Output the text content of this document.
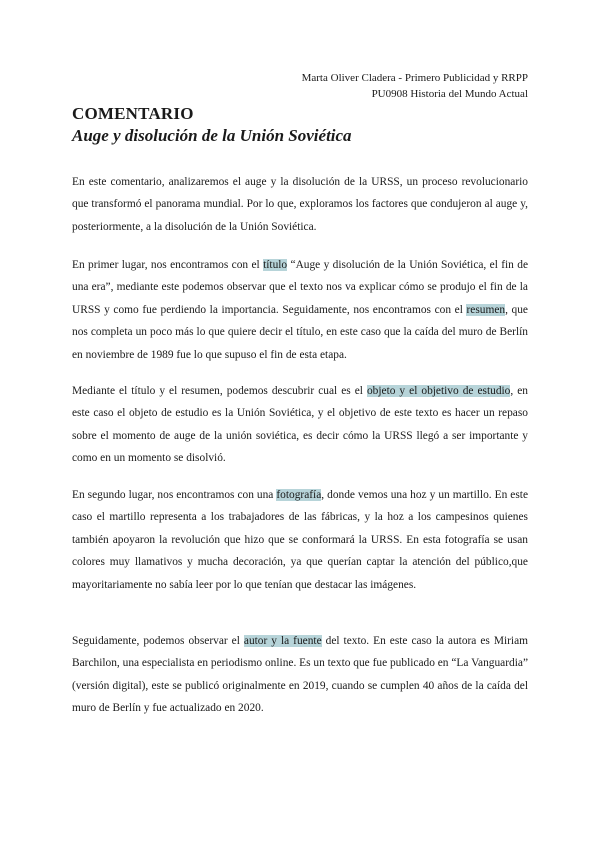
Marta Oliver Cladera - Primero Publicidad y RRPP
PU0908 Historia del Mundo Actual
COMENTARIO
Auge y disolución de la Unión Soviética

En este comentario, analizaremos el auge y la disolución de la URSS, un proceso revolucionario que transformó el panorama mundial. Por lo que, exploramos los factores que condujeron al auge y, posteriormente, a la disolución de la Unión Soviética.

En primer lugar, nos encontramos con el título “Auge y disolución de la Unión Soviética, el fin de una era”, mediante este podemos observar que el texto nos va explicar cómo se produjo el fin de la URSS y como fue perdiendo la importancia. Seguidamente, nos encontramos con el resumen, que nos completa un poco más lo que quiere decir el título, en este caso que la caída del muro de Berlín en noviembre de 1989 fue lo que supuso el fin de esta etapa.

Mediante el título y el resumen, podemos descubrir cual es el objeto y el objetivo de estudio, en este caso el objeto de estudio es la Unión Soviética, y el objetivo de este texto es hacer un repaso sobre el momento de auge de la unión soviética, es decir cómo la URSS llegó a ser importante y como en un momento se disolvió.

En segundo lugar, nos encontramos con una fotografía, donde vemos una hoz y un martillo. En este caso el martillo representa a los trabajadores de las fábricas, y la hoz a los campesinos quienes también apoyaron la revolución que hizo que se conformará la URSS. En esta fotografía se usan colores muy llamativos y mucha decoración, ya que querían captar la atención del público,que mayoritariamente no sabía leer por lo que tenían que destacar las imágenes.

Seguidamente, podemos observar el autor y la fuente del texto. En este caso la autora es Miriam Barchilon, una especialista en periodismo online. Es un texto que fue publicado en “La Vanguardia” (versión digital), este se publicó originalmente en 2019, cuando se cumplen 40 años de la caída del muro de Berlín y fue actualizado en 2020.
